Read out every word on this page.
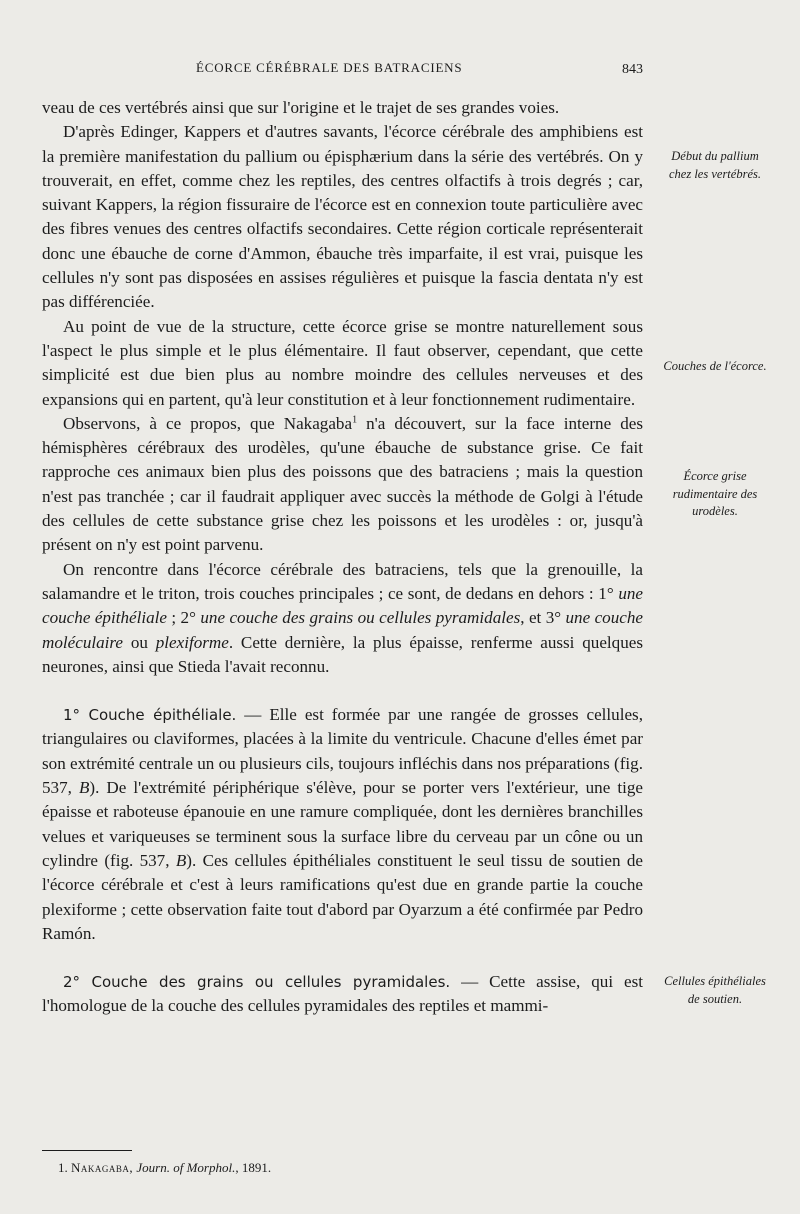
ÉCORCE CÉRÉBRALE DES BATRACIENS	843

veau de ces vertébrés ainsi que sur l'origine et le trajet de ses grandes voies.

D'après Edinger, Kappers et d'autres savants, l'écorce cérébrale des amphibiens est la première manifestation du pallium ou épisphærium dans la série des vertébrés. On y trouverait, en effet, comme chez les reptiles, des centres olfactifs à trois degrés ; car, suivant Kappers, la région fissuraire de l'écorce est en connexion toute particulière avec des fibres venues des centres olfactifs secondaires. Cette région corticale représenterait donc une ébauche de corne d'Ammon, ébauche très imparfaite, il est vrai, puisque les cellules n'y sont pas disposées en assises régulières et puisque la fascia dentata n'y est pas différenciée.

Au point de vue de la structure, cette écorce grise se montre naturellement sous l'aspect le plus simple et le plus élémentaire. Il faut observer, cependant, que cette simplicité est due bien plus au nombre moindre des cellules nerveuses et des expansions qui en partent, qu'à leur constitution et à leur fonctionnement rudimentaire.

Observons, à ce propos, que Nakagaba$^1$ n'a découvert, sur la face interne des hémisphères cérébraux des urodèles, qu'une ébauche de substance grise. Ce fait rapproche ces animaux bien plus des poissons que des batraciens ; mais la question n'est pas tranchée ; car il faudrait appliquer avec succès la méthode de Golgi à l'étude des cellules de cette substance grise chez les poissons et les urodèles : or, jusqu'à présent on n'y est point parvenu.

On rencontre dans l'écorce cérébrale des batraciens, tels que la grenouille, la salamandre et le triton, trois couches principales ; ce sont, de dedans en dehors : 1° une couche épithéliale ; 2° une couche des grains ou cellules pyramidales, et 3° une couche moléculaire ou plexiforme. Cette dernière, la plus épaisse, renferme aussi quelques neurones, ainsi que Stieda l'avait reconnu.

1° Couche épithéliale. — Elle est formée par une rangée de grosses cellules, triangulaires ou claviformes, placées à la limite du ventricule. Chacune d'elles émet par son extrémité centrale un ou plusieurs cils, toujours infléchis dans nos préparations (fig. 537, B). De l'extrémité périphérique s'élève, pour se porter vers l'extérieur, une tige épaisse et raboteuse épanouie en une ramure compliquée, dont les dernières branchilles velues et variqueuses se terminent sous la surface libre du cerveau par un cône ou un cylindre (fig. 537, B). Ces cellules épithéliales constituent le seul tissu de soutien de l'écorce cérébrale et c'est à leurs ramifications qu'est due en grande partie la couche plexiforme ; cette observation faite tout d'abord par Oyarzum a été confirmée par Pedro Ramón.

2° Couche des grains ou cellules pyramidales. — Cette assise, qui est l'homologue de la couche des cellules pyramidales des reptiles et mammi-

Début du pallium chez les vertébrés.
Couches de l'écorce.
Écorce grise rudimentaire des urodèles.
Cellules épithéliales de soutien.
1. Nakagaba, Journ. of Morphol., 1891.
